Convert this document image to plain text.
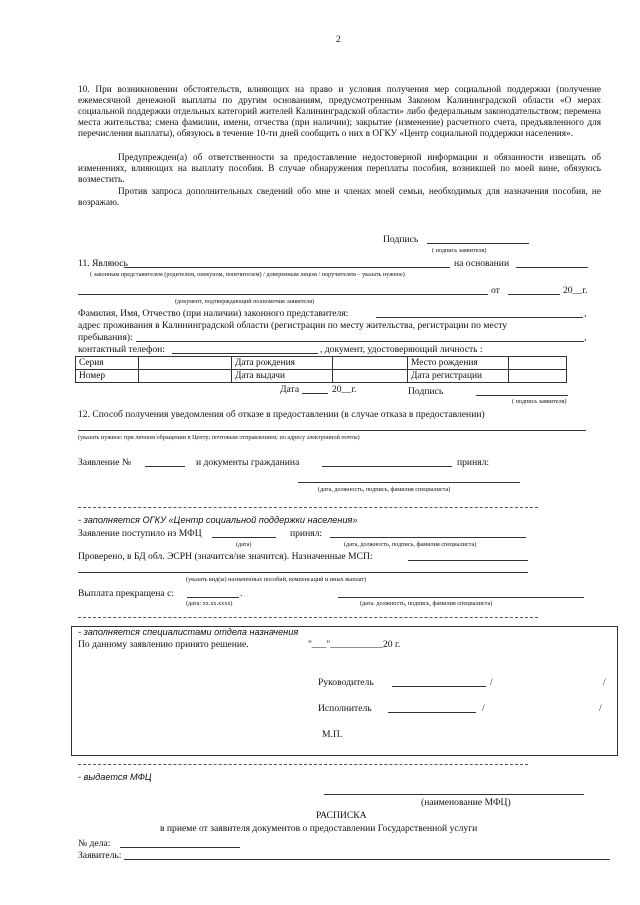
2
10. При возникновении обстоятельств, влияющих на право и условия получения мер социальной поддержки (получение ежемесячной денежной выплаты по другим основаниям, предусмотренным Законом Калининградской области «О мерах социальной поддержки отдельных категорий жителей Калининградской области» либо федеральным законодательством; перемена места жительства; смена фамилии, имени, отчества (при наличии); закрытие (изменение) расчетного счета, предъявленного для перечисления выплаты), обязуюсь в течение 10-ти дней сообщить о них в ОГКУ «Центр социальной поддержки населения».
Предупрежден(а) об ответственности за предоставление недостоверной информации и обязанности извещать об изменениях, влияющих на выплату пособия. В случае обнаружения переплаты пособия, возникшей по моей вине, обязуюсь возместить.
Против запроса дополнительных сведений обо мне и членах моей семьи, необходимых для назначения пособия, не возражаю.
Подпись
( подпись заявителя)
11. Являюсь	на основании
( законным представителем (родителем, опекуном, попечителем) / доверенным лицом / поручителем – указать нужное)
от	20__г.
(документ, подтверждающий полномочия заявителя)
Фамилия, Имя, Отчество (при наличии) законного представителя:	,
адрес проживания в Калининградской области (регистрации по месту жительства, регистрации по месту
пребывания):	,
контактный телефон:	, документ, удостоверяющий личность :
Серия		Дата рождения		Место рождения	
Номер		Дата выдачи		Дата регистрации	
Дата	20__г.	Подпись
( подпись заявителя)
12. Способ получения уведомления об отказе в предоставлении (в случае отказа в предоставлении)
(указать нужное: при личном обращении в Центр; почтовым отправлением; по адресу электронной почты)
Заявление №	и документы гражданина	принял:
(дата, должность, подпись, фамилия специалиста)
- заполняется ОГКУ «Центр социальной поддержки населения»
Заявление поступило из МФЦ	принял:
(дата)	(дата, должность, подпись, фамилия специалиста)
Проверено, в БД обл. ЭСРН (значится/не значится). Назначенные МСП:
(указать вид(ы) назначенных пособий, компенсаций и иных выплат)
Выплата прекращена с:	.
(дата: хх.хх.хххх)	(дата. должность, подпись, фамилия специалиста)
- заполняется специалистами отдела назначения
По данному заявлению принято решение.	"___"___________20 г.
Руководитель	/	/
Исполнитель	/	/
М.П.
- выдается МФЦ
(наименование МФЦ)
РАСПИСКА
в приеме от заявителя документов о предоставлении Государственной услуги
№ дела:
Заявитель:
